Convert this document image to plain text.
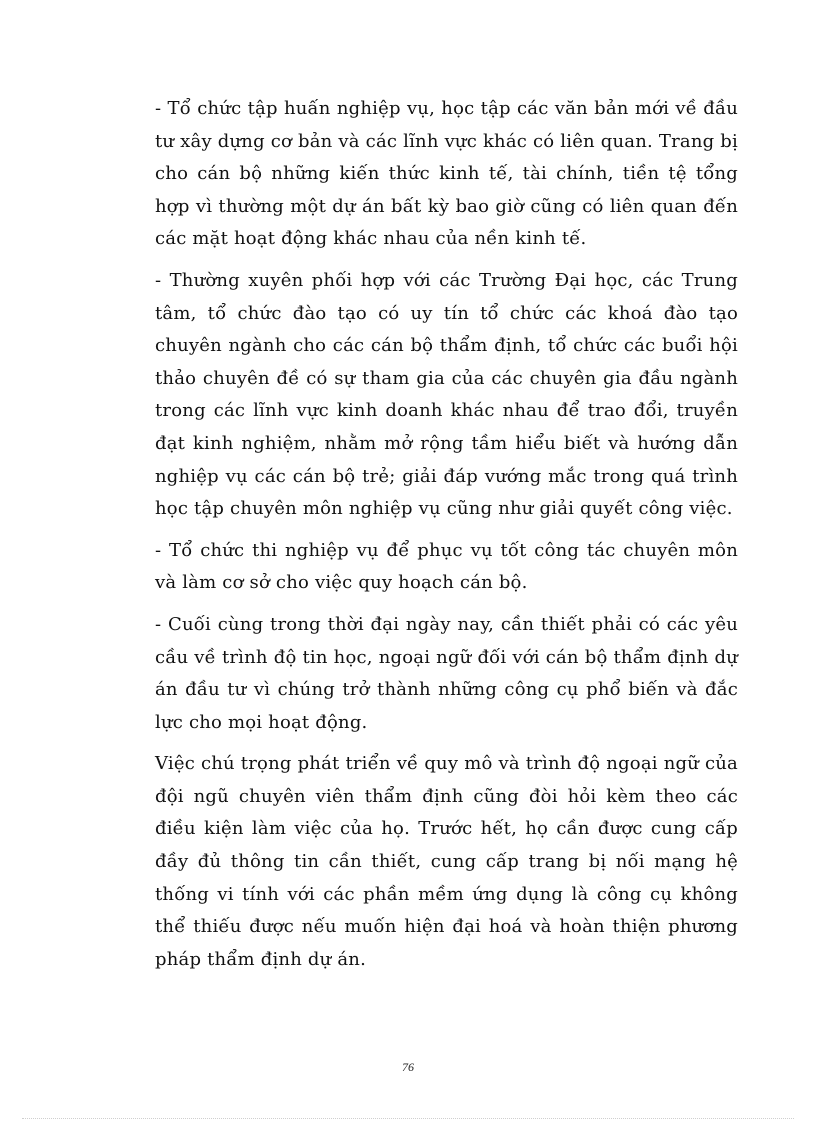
- Tổ chức tập huấn nghiệp vụ, học tập các văn bản mới về đầu tư xây dựng cơ bản và các lĩnh vực khác có liên quan. Trang bị cho cán bộ những kiến thức kinh tế, tài chính, tiền tệ tổng hợp vì thường một dự án bất kỳ bao giờ cũng có liên quan đến các mặt hoạt động khác nhau của nền kinh tế.

- Thường xuyên phối hợp với các Trường Đại học, các Trung tâm, tổ chức đào tạo có uy tín tổ chức các khoá đào tạo chuyên ngành cho các cán bộ thẩm định, tổ chức các buổi hội thảo chuyên đề có sự tham gia của các chuyên gia đầu ngành trong các lĩnh vực kinh doanh khác nhau để trao đổi, truyền đạt kinh nghiệm, nhằm mở rộng tầm hiểu biết và hướng dẫn nghiệp vụ các cán bộ trẻ; giải đáp vướng mắc trong quá trình học tập chuyên môn nghiệp vụ cũng như giải quyết công việc.

- Tổ chức thi nghiệp vụ để phục vụ tốt công tác chuyên môn và làm cơ sở cho việc quy hoạch cán bộ.

- Cuối cùng trong thời đại ngày nay, cần thiết phải có các yêu cầu về trình độ tin học, ngoại ngữ đối với cán bộ thẩm định dự án đầu tư vì chúng trở thành những công cụ phổ biến và đắc lực cho mọi hoạt động.

Việc chú trọng phát triển về quy mô và trình độ ngoại ngữ của đội ngũ chuyên viên thẩm định cũng đòi hỏi kèm theo các điều kiện làm việc của họ. Trước hết, họ cần được cung cấp đầy đủ thông tin cần thiết, cung cấp trang bị nối mạng hệ thống vi tính với các phần mềm ứng dụng là công cụ không thể thiếu được nếu muốn hiện đại hoá và hoàn thiện phương pháp thẩm định dự án.

76
